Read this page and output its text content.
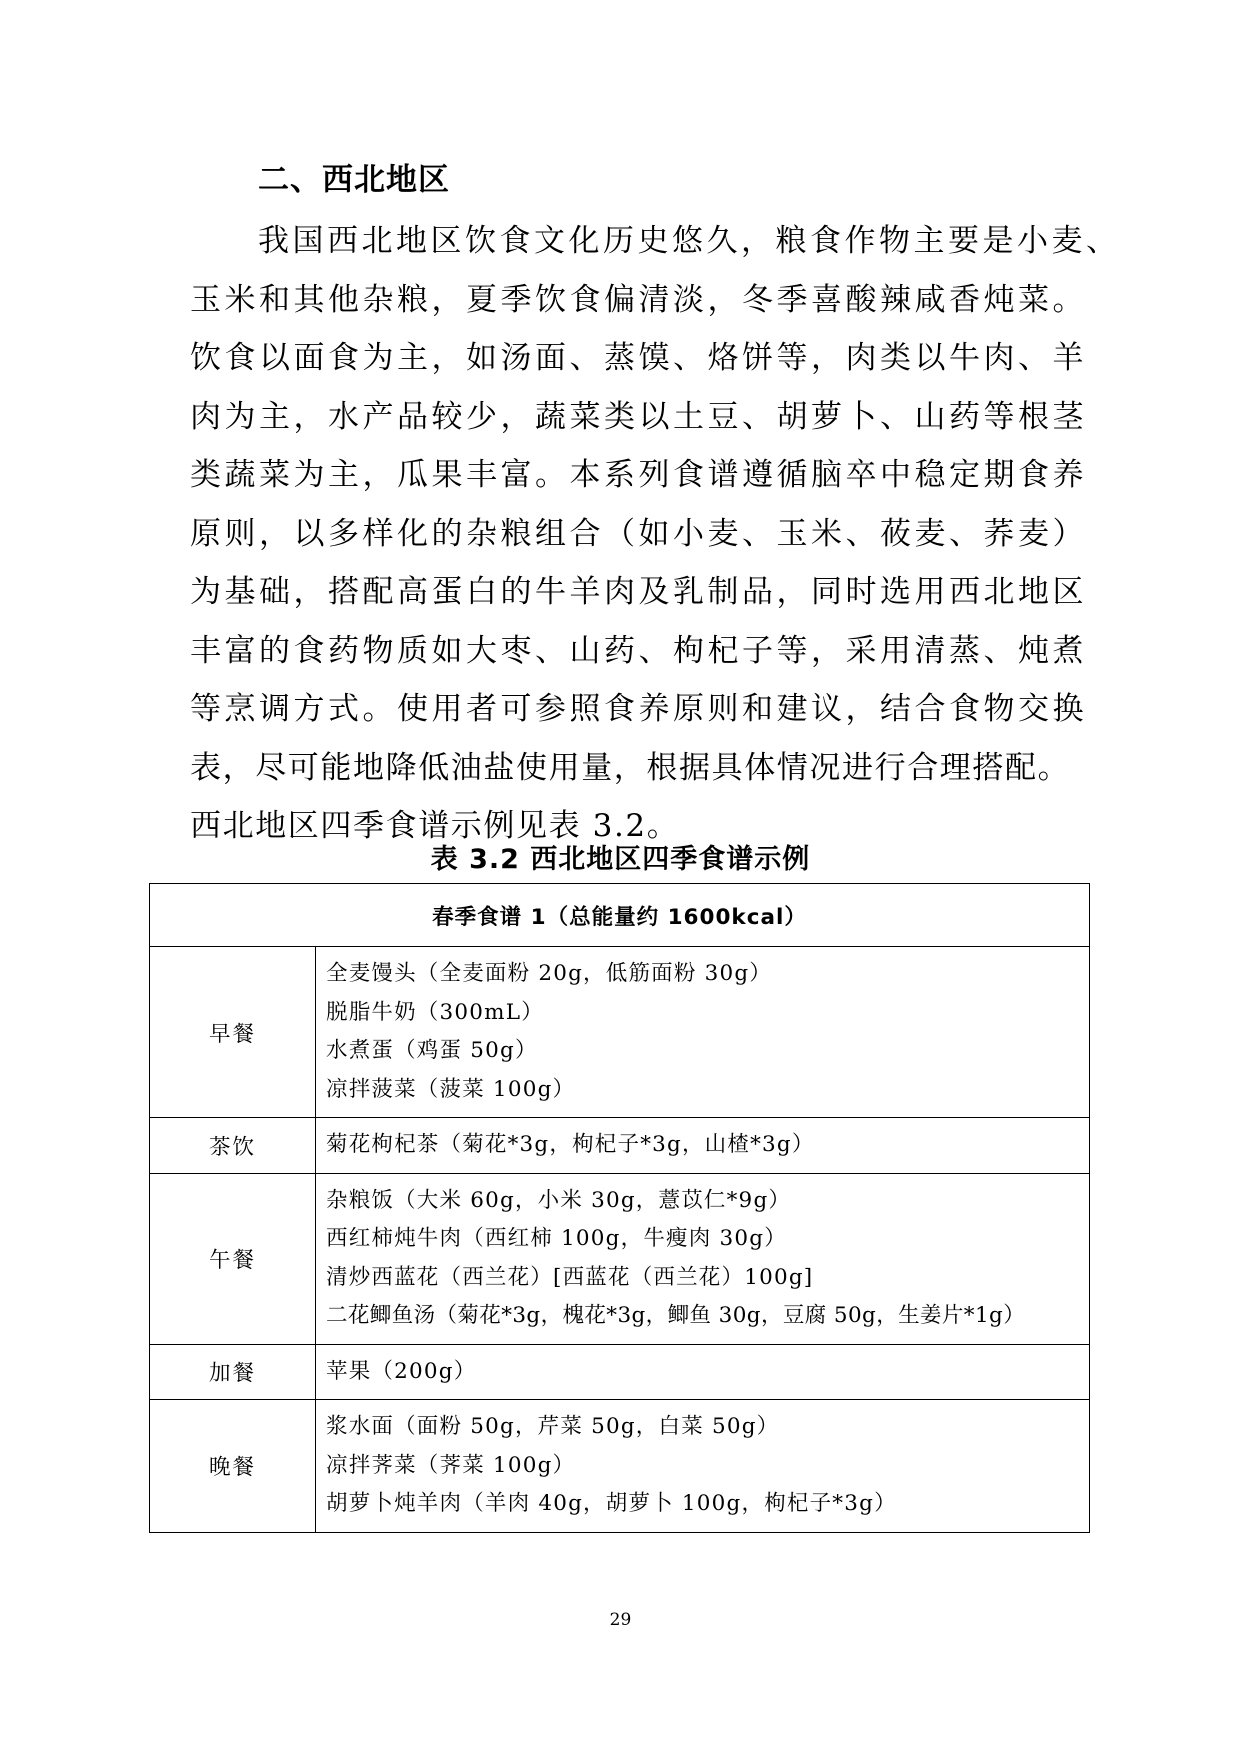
二、西北地区
我国西北地区饮食文化历史悠久，粮食作物主要是小麦、
玉米和其他杂粮，夏季饮食偏清淡，冬季喜酸辣咸香炖菜。
饮食以面食为主，如汤面、蒸馍、烙饼等，肉类以牛肉、羊
肉为主，水产品较少，蔬菜类以土豆、胡萝卜、山药等根茎
类蔬菜为主，瓜果丰富。本系列食谱遵循脑卒中稳定期食养
原则，以多样化的杂粮组合（如小麦、玉米、莜麦、荞麦）
为基础，搭配高蛋白的牛羊肉及乳制品，同时选用西北地区
丰富的食药物质如大枣、山药、枸杞子等，采用清蒸、炖煮
等烹调方式。使用者可参照食养原则和建议，结合食物交换
表，尽可能地降低油盐使用量，根据具体情况进行合理搭配。
西北地区四季食谱示例见表 3.2。
表 3.2 西北地区四季食谱示例
春季食谱 1（总能量约 1600kcal）	
早餐	全麦馒头（全麦面粉 20g，低筋面粉 30g）
脱脂牛奶（300mL）
水煮蛋（鸡蛋 50g）
凉拌菠菜（菠菜 100g）

茶饮	菊花枸杞茶（菊花*3g，枸杞子*3g，山楂*3g）

午餐	杂粮饭（大米 60g，小米 30g，薏苡仁*9g）
西红柿炖牛肉（西红柿 100g，牛瘦肉 30g）
清炒西蓝花（西兰花）[西蓝花（西兰花）100g]
二花鲫鱼汤（菊花*3g，槐花*3g，鲫鱼 30g，豆腐 50g，生姜片*1g）

加餐	苹果（200g）

晚餐	浆水面（面粉 50g，芹菜 50g，白菜 50g）
凉拌荠菜（荠菜 100g）
胡萝卜炖羊肉（羊肉 40g，胡萝卜 100g，枸杞子*3g）
29
